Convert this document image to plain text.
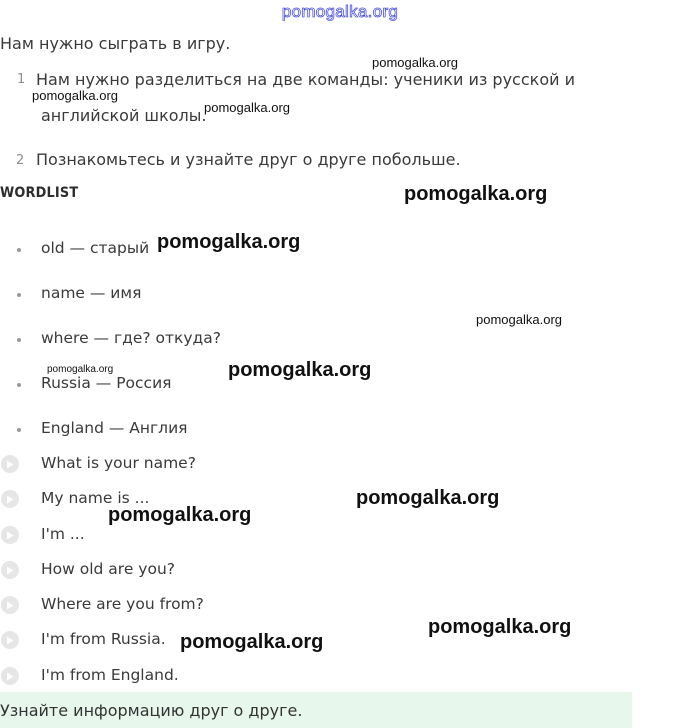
pomogalka.org
Нам нужно сыграть в игру.
1 Нам нужно разделиться на две команды: ученики из русской и
английской школы.
2 Познакомьтесь и узнайте друг о друге побольше.
WORDLIST
old — старый
name — имя
where — где? откуда?
Russia — Россия
England — Англия
What is your name?
My name is ...
I'm ...
How old are you?
Where are you from?
I'm from Russia.
I'm from England.
Узнайте информацию друг о друге.
pomogalka.org
pomogalka.org
pomogalka.org
pomogalka.org
pomogalka.org
pomogalka.org
pomogalka.org
pomogalka.org
pomogalka.org
pomogalka.org
pomogalka.org
pomogalka.org
